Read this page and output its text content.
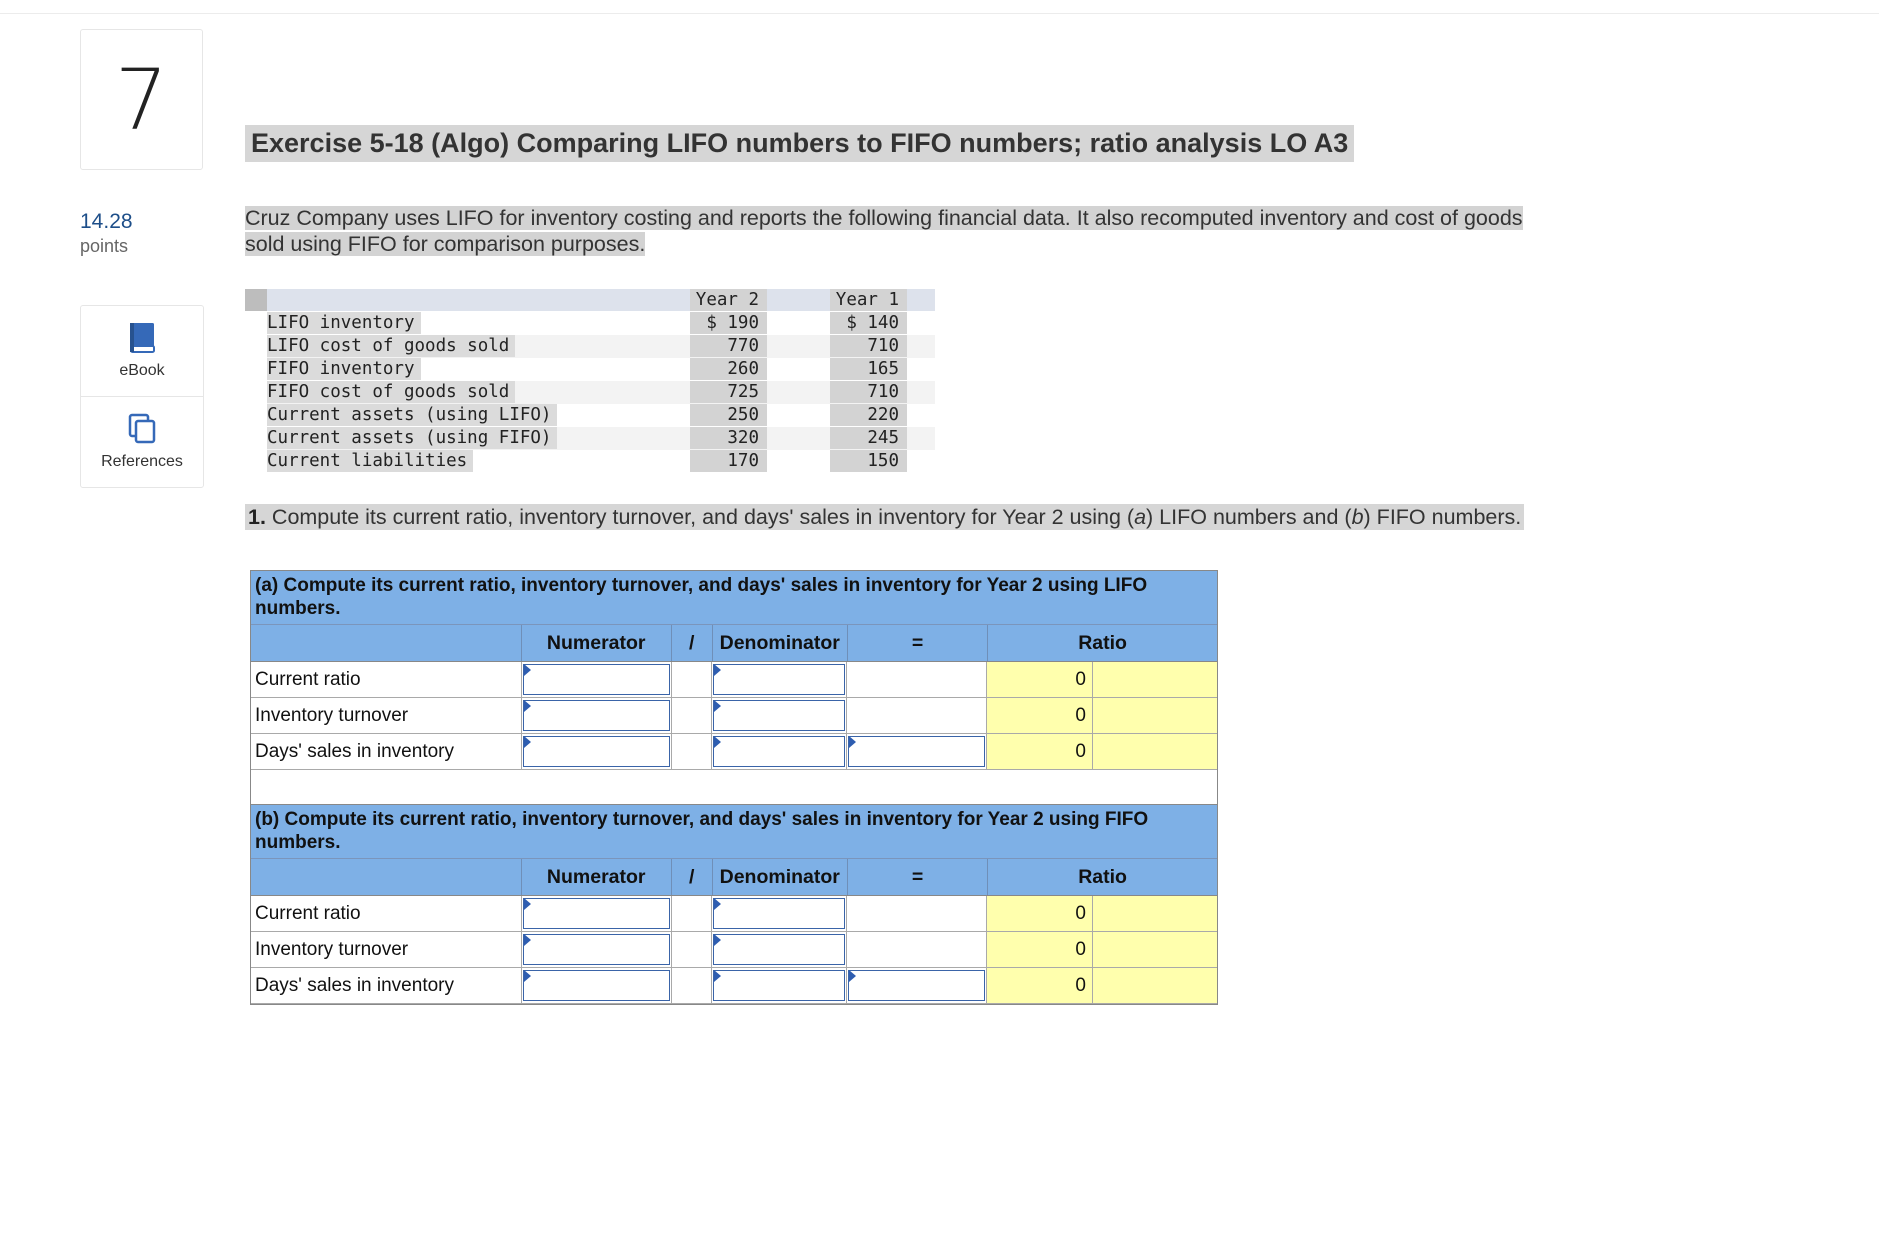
7
14.28
points
eBook
References
Exercise 5-18 (Algo) Comparing LIFO numbers to FIFO numbers; ratio analysis LO A3
Cruz Company uses LIFO for inventory costing and reports the following financial data. It also recomputed inventory and cost of goods
sold using FIFO for comparison purposes.
Year 2	Year 1
LIFO inventory	$ 190	$ 140
LIFO cost of goods sold	770	710
FIFO inventory	260	165
FIFO cost of goods sold	725	710
Current assets (using LIFO)	250	220
Current assets (using FIFO)	320	245
Current liabilities	170	150
1. Compute its current ratio, inventory turnover, and days' sales in inventory for Year 2 using (a) LIFO numbers and (b) FIFO numbers.
(a) Compute its current ratio, inventory turnover, and days' sales in inventory for Year 2 using LIFO numbers.
Numerator	/	Denominator	=	Ratio
Current ratio	0
Inventory turnover	0
Days' sales in inventory	0
(b) Compute its current ratio, inventory turnover, and days' sales in inventory for Year 2 using FIFO numbers.
Numerator	/	Denominator	=	Ratio
Current ratio	0
Inventory turnover	0
Days' sales in inventory	0
